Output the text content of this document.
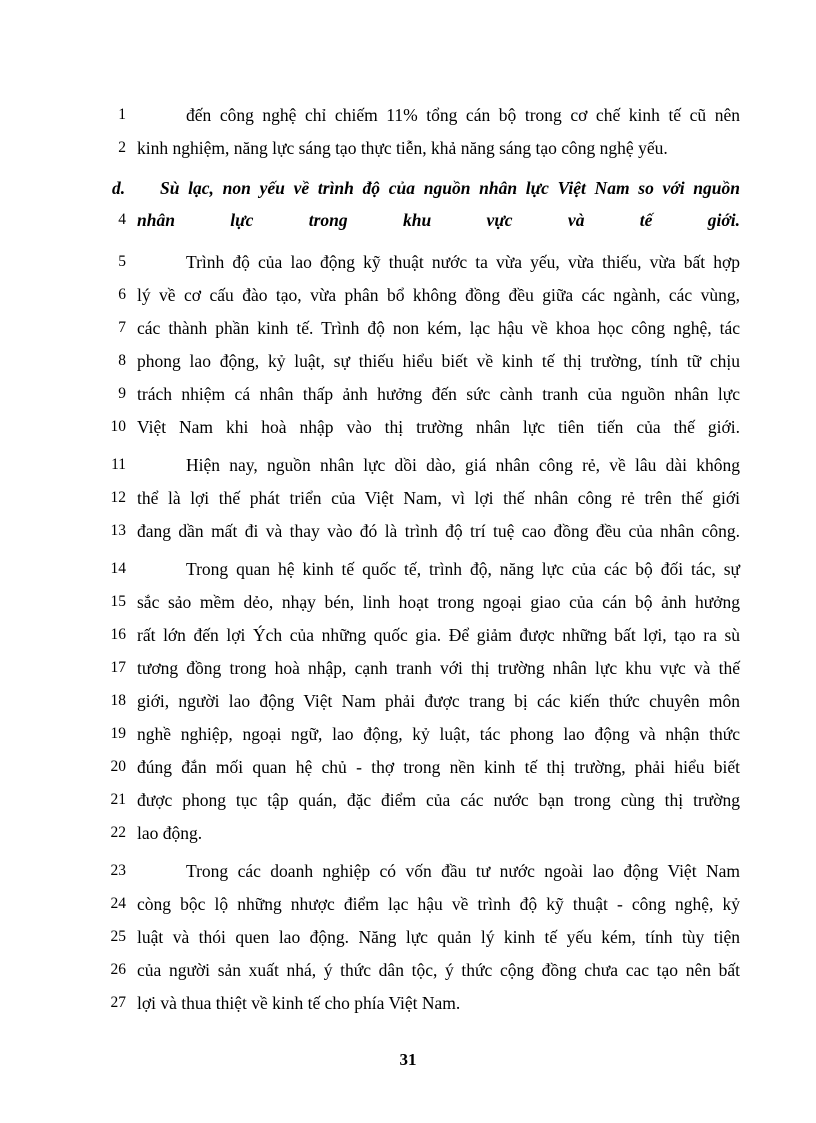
1	đến công nghệ chỉ chiếm 11% tổng cán bộ trong cơ chế kinh tế cũ nên
2 kinh nghiệm, năng lực sáng tạo thực tiễn, khả năng sáng tạo công nghệ yếu.
d.	Sù lạc, non yếu về trình độ của nguồn nhân lực Việt Nam so với nguồn
4 nhân lực trong khu vực và tế giới.
5	Trình độ của lao động kỹ thuật nước ta vừa yếu, vừa thiếu, vừa bất hợp
6 lý về cơ cấu đào tạo, vừa phân bổ không đồng đều giữa các ngành, các vùng,
7 các thành phần kinh tế. Trình độ non kém, lạc hậu về khoa học công nghệ, tác
8 phong lao động, kỷ luật, sự thiếu hiểu biết về kinh tế thị trường, tính tữ chịu
9 trách nhiệm cá nhân thấp ảnh hưởng đến sức cành tranh của nguồn nhân lực
10 Việt Nam khi hoà nhập vào thị trường nhân lực tiên tiến của thế giới.
11	Hiện nay, nguồn nhân lực dồi dào, giá nhân công rẻ, về lâu dài không
12 thể là lợi thế phát triển của Việt Nam, vì lợi thế nhân công rẻ trên thế giới
13 đang dần mất đi và thay vào đó là trình độ trí tuệ cao đồng đều của nhân công.
14	Trong quan hệ kinh tế quốc tế, trình độ, năng lực của các bộ đối tác, sự
15 sắc sảo mềm dẻo, nhạy bén, linh hoạt trong ngoại giao của cán bộ ảnh hưởng
16 rất lớn đến lợi Ých của những quốc gia. Để giảm được những bất lợi, tạo ra sù
17 tương đồng trong hoà nhập, cạnh tranh với thị trường nhân lực khu vực và thế
18 giới, người lao động Việt Nam phải được trang bị các kiến thức chuyên môn
19 nghề nghiệp, ngoại ngữ, lao động, kỷ luật, tác phong lao động và nhận thức
20 đúng đắn mối quan hệ chủ - thợ trong nền kinh tế thị trường, phải hiểu biết
21 được phong tục tập quán, đặc điểm của các nước bạn trong cùng thị trường
22 lao động.
23	Trong các doanh nghiệp có vốn đầu tư nước ngoài lao động Việt Nam
24 còng bộc lộ những nhược điểm lạc hậu về trình độ kỹ thuật - công nghệ, kỷ
25 luật và thói quen lao động. Năng lực quản lý kinh tế yếu kém, tính tùy tiện
26 của người sản xuất nhá, ý thức dân tộc, ý thức cộng đồng chưa cac tạo nên bất
27 lợi và thua thiệt về kinh tế cho phía Việt Nam.
31
